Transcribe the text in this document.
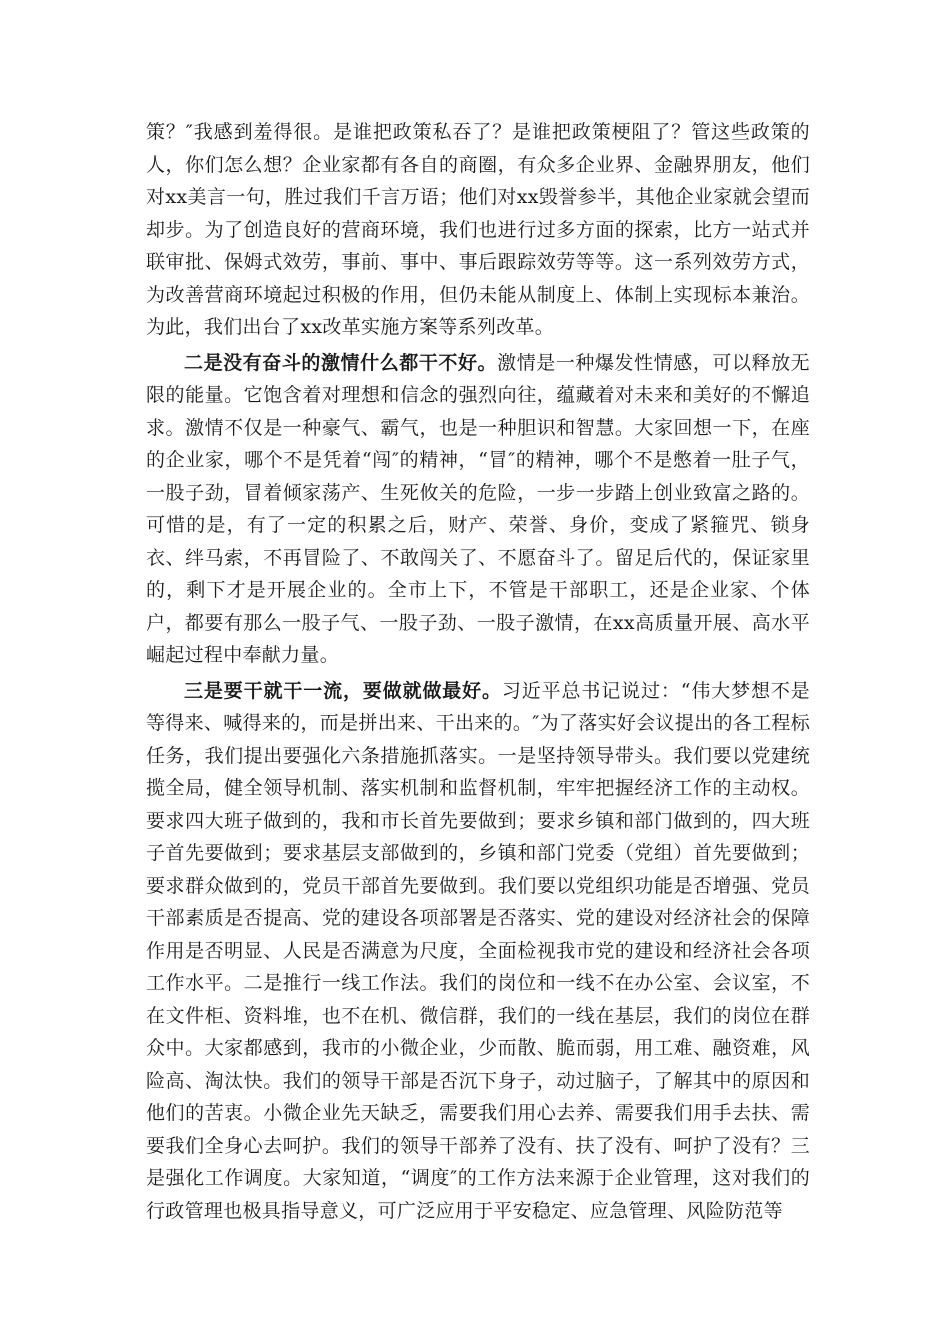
策？″我感到羞得很。是谁把政策私吞了？是谁把政策梗阻了？管这些政策的人，你们怎么想？企业家都有各自的商圈，有众多企业界、金融界朋友，他们对xx美言一句，胜过我们千言万语；他们对xx毁誉参半，其他企业家就会望而却步。为了创造良好的营商环境，我们也进行过多方面的探索，比方一站式并联审批、保姆式效劳，事前、事中、事后跟踪效劳等等。这一系列效劳方式，为改善营商环境起过积极的作用，但仍未能从制度上、体制上实现标本兼治。为此，我们出台了xx改革实施方案等系列改革。

二是没有奋斗的激情什么都干不好。激情是一种爆发性情感，可以释放无限的能量。它饱含着对理想和信念的强烈向往，蕴藏着对未来和美好的不懈追求。激情不仅是一种豪气、霸气，也是一种胆识和智慧。大家回想一下，在座的企业家，哪个不是凭着“闯″的精神，“冒″的精神，哪个不是憋着一肚子气，一股子劲，冒着倾家荡产、生死攸关的危险，一步一步踏上创业致富之路的。可惜的是，有了一定的积累之后，财产、荣誉、身价，变成了紧箍咒、锁身衣、绊马索，不再冒险了、不敢闯关了、不愿奋斗了。留足后代的，保证家里的，剩下才是开展企业的。全市上下，不管是干部职工，还是企业家、个体户，都要有那么一股子气、一股子劲、一股子激情，在xx高质量开展、高水平崛起过程中奉献力量。

三是要干就干一流，要做就做最好。习近平总书记说过：“伟大梦想不是等得来、喊得来的，而是拼出来、干出来的。″为了落实好会议提出的各工程标任务，我们提出要强化六条措施抓落实。一是坚持领导带头。我们要以党建统揽全局，健全领导机制、落实机制和监督机制，牢牢把握经济工作的主动权。要求四大班子做到的，我和市长首先要做到；要求乡镇和部门做到的，四大班子首先要做到；要求基层支部做到的，乡镇和部门党委（党组）首先要做到；要求群众做到的，党员干部首先要做到。我们要以党组织功能是否增强、党员干部素质是否提高、党的建设各项部署是否落实、党的建设对经济社会的保障作用是否明显、人民是否满意为尺度，全面检视我市党的建设和经济社会各项工作水平。二是推行一线工作法。我们的岗位和一线不在办公室、会议室，不在文件柜、资料堆，也不在机、微信群，我们的一线在基层，我们的岗位在群众中。大家都感到，我市的小微企业，少而散、脆而弱，用工难、融资难，风险高、淘汰快。我们的领导干部是否沉下身子，动过脑子，了解其中的原因和他们的苦衷。小微企业先天缺乏，需要我们用心去养、需要我们用手去扶、需要我们全身心去呵护。我们的领导干部养了没有、扶了没有、呵护了没有？三是强化工作调度。大家知道，“调度″的工作方法来源于企业管理，这对我们的行政管理也极具指导意义，可广泛应用于平安稳定、应急管理、风险防范等
